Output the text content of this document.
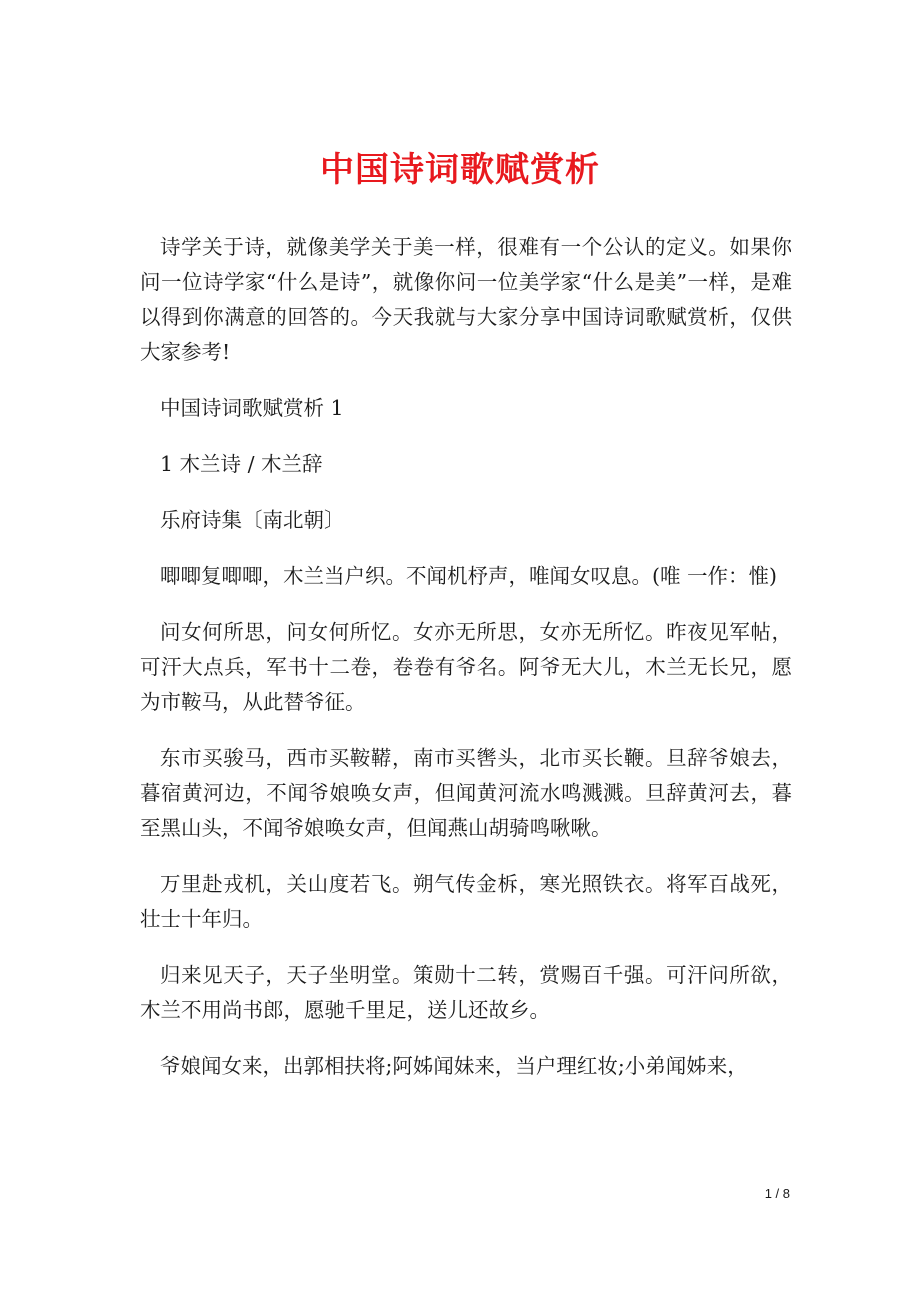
中国诗词歌赋赏析

诗学关于诗，就像美学关于美一样，很难有一个公认的定义。如果你问一位诗学家“什么是诗”，就像你问一位美学家“什么是美”一样，是难以得到你满意的回答的。今天我就与大家分享中国诗词歌赋赏析，仅供大家参考!

中国诗词歌赋赏析 1

1 木兰诗 / 木兰辞

乐府诗集〔南北朝〕

唧唧复唧唧，木兰当户织。不闻机杼声，唯闻女叹息。(唯 一作：惟)

问女何所思，问女何所忆。女亦无所思，女亦无所忆。昨夜见军帖，可汗大点兵，军书十二卷，卷卷有爷名。阿爷无大儿，木兰无长兄，愿为市鞍马，从此替爷征。

东市买骏马，西市买鞍鞯，南市买辔头，北市买长鞭。旦辞爷娘去，暮宿黄河边，不闻爷娘唤女声，但闻黄河流水鸣溅溅。旦辞黄河去，暮至黑山头，不闻爷娘唤女声，但闻燕山胡骑鸣啾啾。

万里赴戎机，关山度若飞。朔气传金柝，寒光照铁衣。将军百战死，壮士十年归。

归来见天子，天子坐明堂。策勋十二转，赏赐百千强。可汗问所欲，木兰不用尚书郎，愿驰千里足，送儿还故乡。

爷娘闻女来，出郭相扶将;阿姊闻妹来，当户理红妆;小弟闻姊来，

1 / 8
